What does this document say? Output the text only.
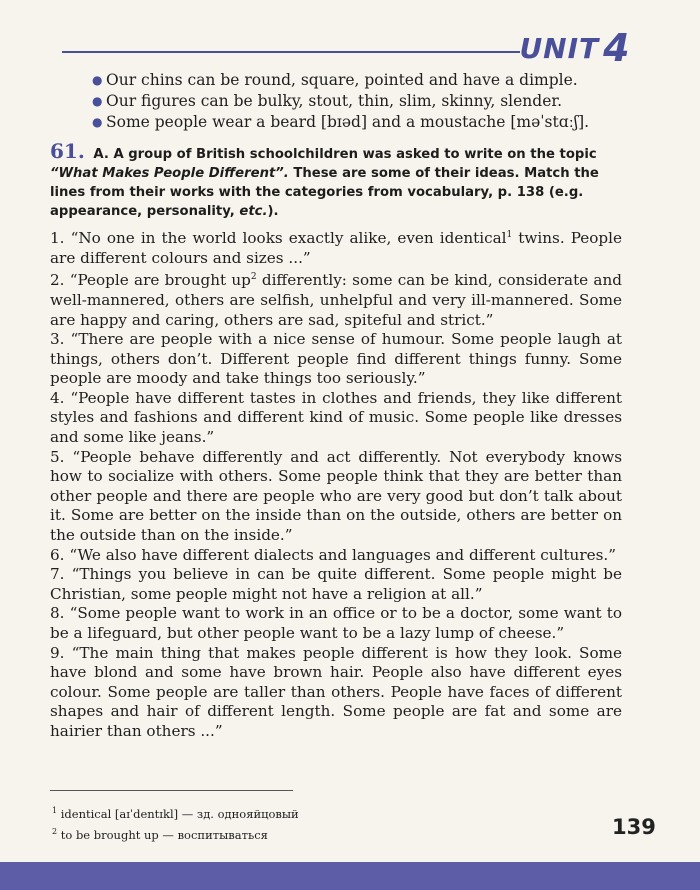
UNIT 4
● Our chins can be round, square, pointed and have a dimple.
● Our figures can be bulky, stout, thin, slim, skinny, slender.
● Some people wear a beard [bɪəd] and a moustache [məˈstɑːʃ].
61. A. A group of British schoolchildren was asked to write on the topic “What Makes People Different”. These are some of their ideas. Match the lines from their works with the categories from vocabulary, p. 138 (e.g. appearance, personality, etc.).

1. “No one in the world looks exactly alike, even identical$^1$ twins. People are different colours and sizes ...”

2. “People are brought $up^2$ differently: some can be kind, considerate and well-mannered, others are selfish, unhelpful and very ill-mannered. Some are happy and caring, others are sad, spiteful and strict.”

3. “There are people with a nice sense of humour. Some people laugh at things, others don’t. Different people find different things funny. Some people are moody and take things too seriously.”

4. “People have different tastes in clothes and friends, they like different styles and fashions and different kind of music. Some people like dresses and some like jeans.”

5. “People behave differently and act differently. Not everybody knows how to socialize with others. Some people think that they are better than other people and there are people who are very good but don’t talk about it. Some are better on the inside than on the outside, others are better on the outside than on the inside.”

6. “We also have different dialects and languages and different cultures.”

7. “Things you believe in can be quite different. Some people might be Christian, some people might not have a religion at all.”

8. “Some people want to work in an office or to be a doctor, some want to be a lifeguard, but other people want to be a lazy lump of cheese.”

9. “The main thing that makes people different is how they look. Some have blond and some have brown hair. People also have different eyes colour. Some people are taller than others. People have faces of different shapes and hair of different length. Some people are fat and some are hairier than others ...”

$^1$ identical [aɪˈdentɪkl] — зд. однояйцовый
$^2$ to be brought up — воспитываться	139
